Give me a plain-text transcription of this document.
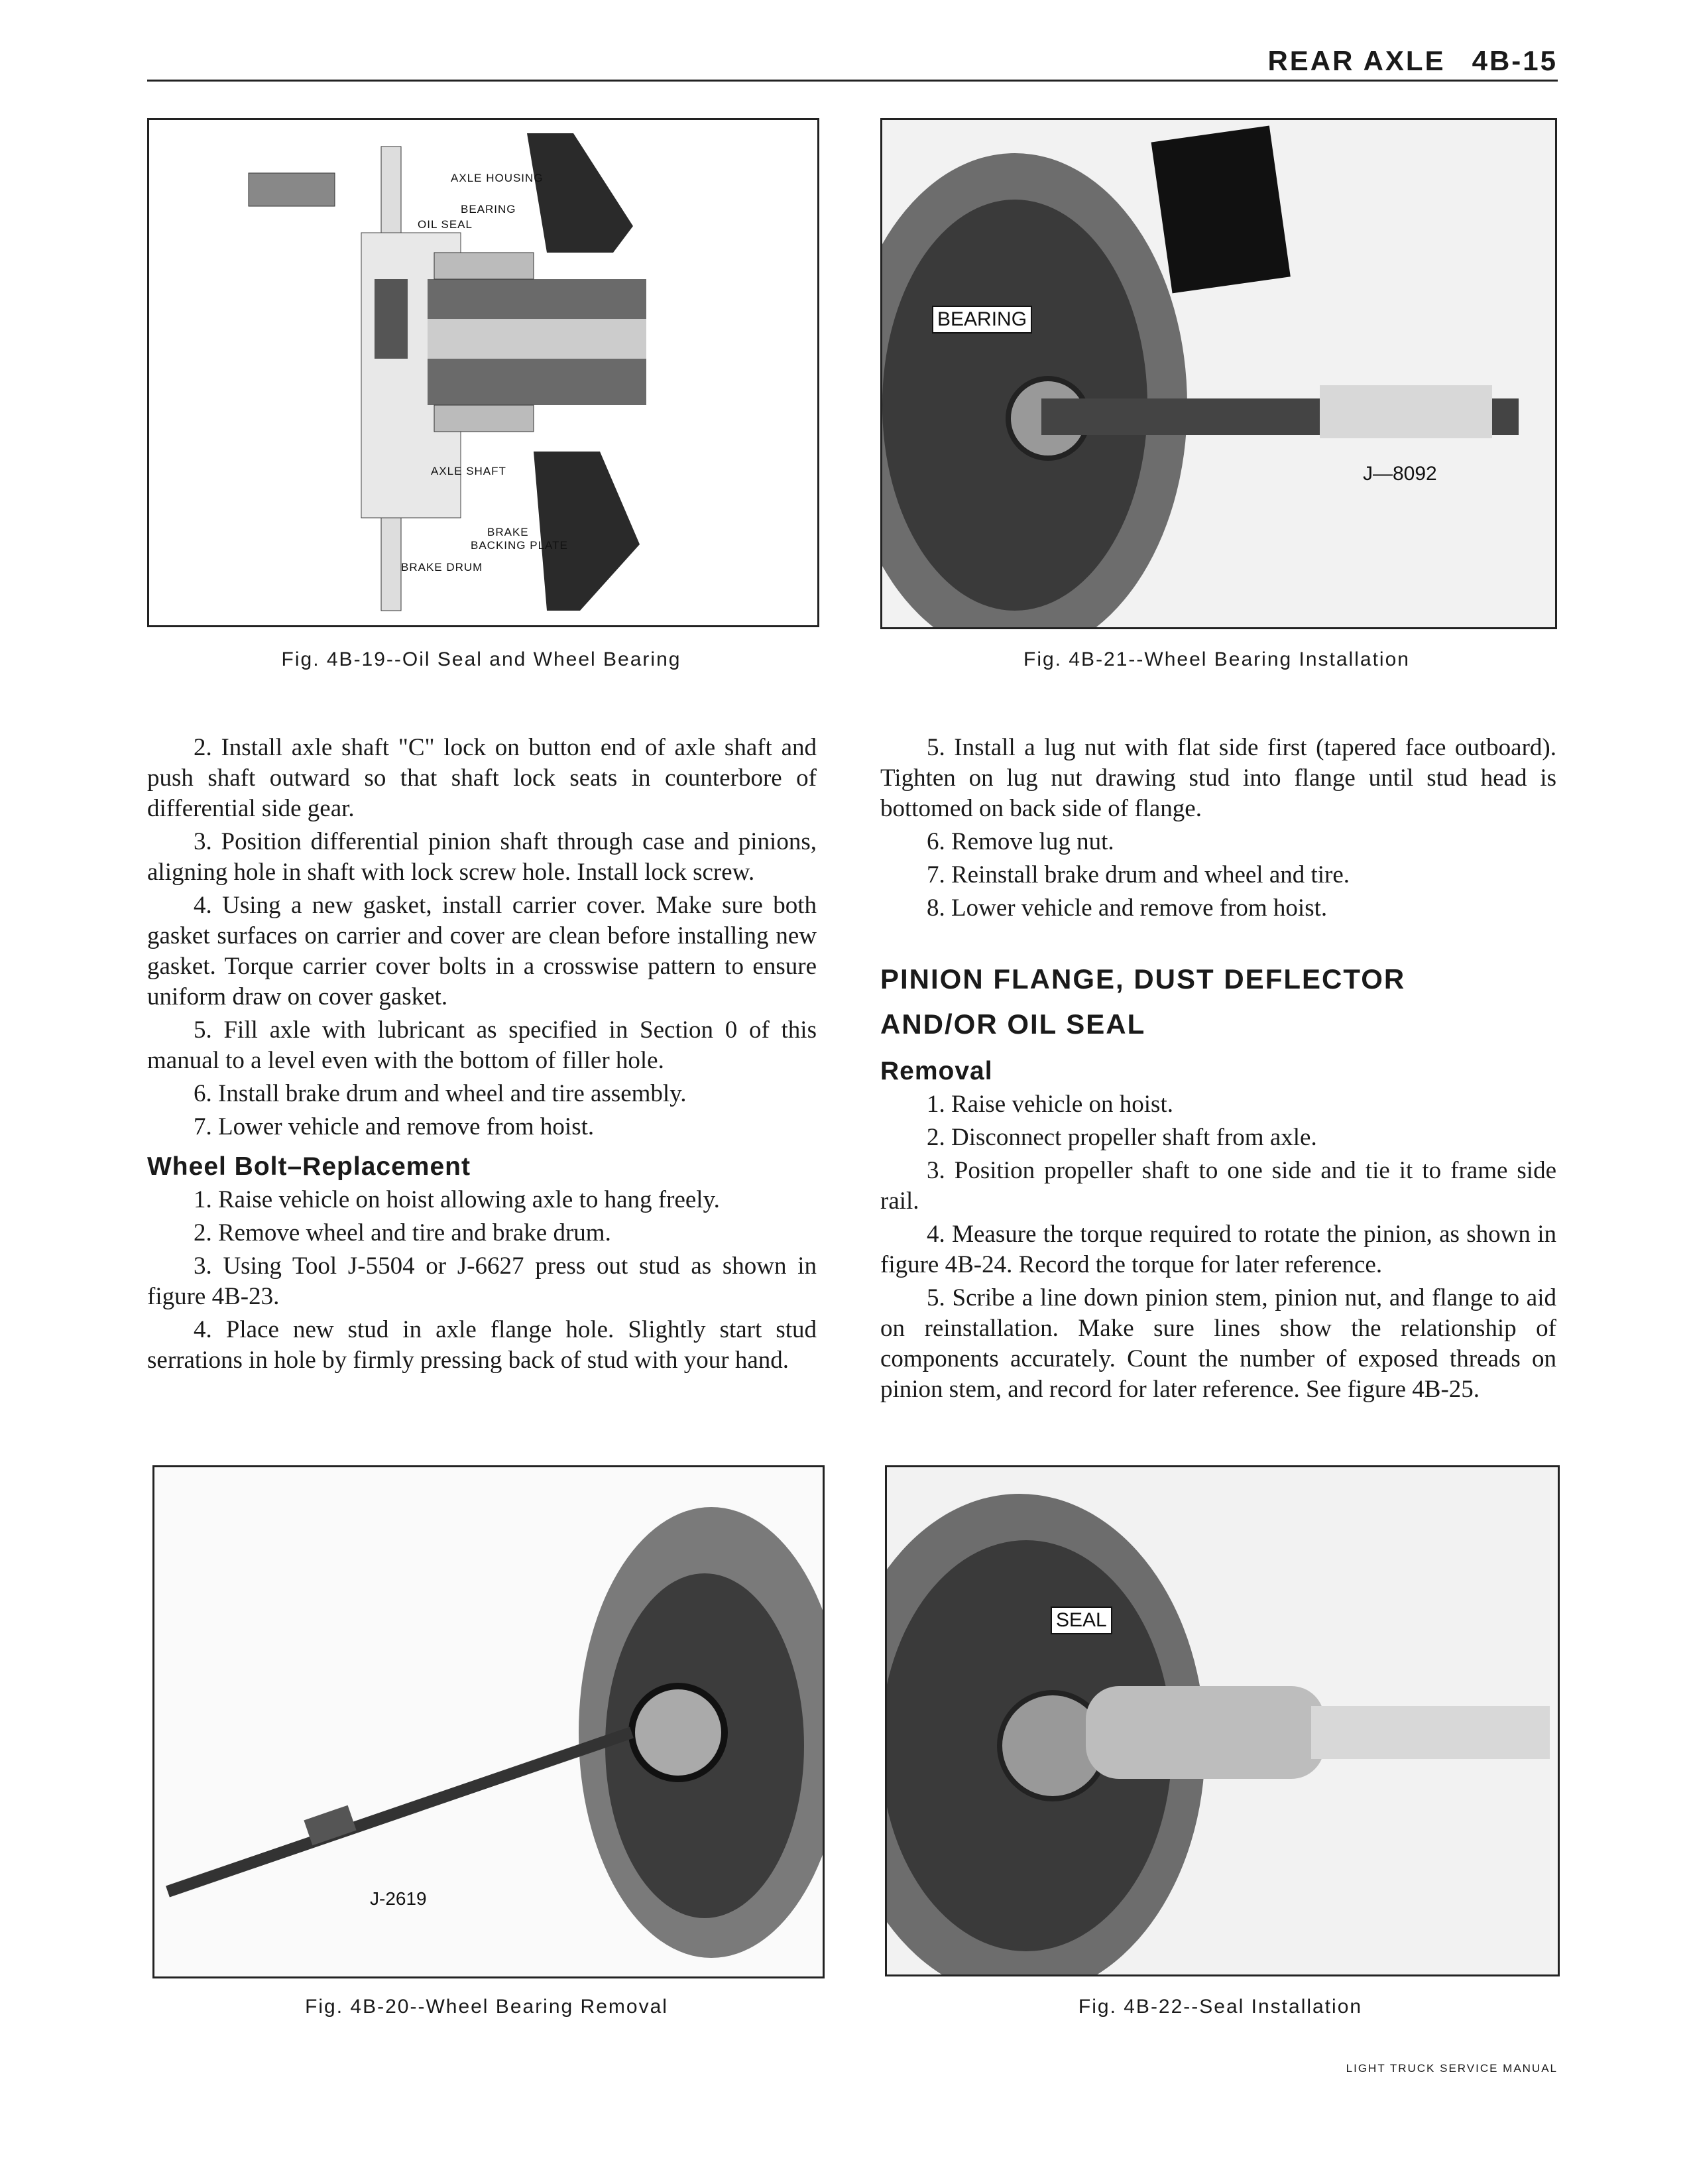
REAR AXLE 4B-15
AXLE HOUSING
BEARING
OIL SEAL
AXLE SHAFT
BRAKE
BACKING PLATE
BRAKE DRUM
Fig. 4B-19--Oil Seal and Wheel Bearing
BEARING
J—8092
Fig. 4B-21--Wheel Bearing Installation

2. Install axle shaft "C" lock on button end of axle shaft and push shaft outward so that shaft lock seats in counterbore of differential side gear.

3. Position differential pinion shaft through case and pinions, aligning hole in shaft with lock screw hole. Install lock screw.

4. Using a new gasket, install carrier cover. Make sure both gasket surfaces on carrier and cover are clean before installing new gasket. Torque carrier cover bolts in a crosswise pattern to ensure uniform draw on cover gasket.

5. Fill axle with lubricant as specified in Section 0 of this manual to a level even with the bottom of filler hole.

6. Install brake drum and wheel and tire assembly.

7. Lower vehicle and remove from hoist.

Wheel Bolt–Replacement

1. Raise vehicle on hoist allowing axle to hang freely.

2. Remove wheel and tire and brake drum.

3. Using Tool J-5504 or J-6627 press out stud as shown in figure 4B-23.

4. Place new stud in axle flange hole. Slightly start stud serrations in hole by firmly pressing back of stud with your hand.

5. Install a lug nut with flat side first (tapered face outboard). Tighten on lug nut drawing stud into flange until stud head is bottomed on back side of flange.

6. Remove lug nut.

7. Reinstall brake drum and wheel and tire.

8. Lower vehicle and remove from hoist.

PINION FLANGE, DUST DEFLECTOR AND/OR OIL SEAL
Removal

1. Raise vehicle on hoist.

2. Disconnect propeller shaft from axle.

3. Position propeller shaft to one side and tie it to frame side rail.

4. Measure the torque required to rotate the pinion, as shown in figure 4B-24. Record the torque for later reference.

5. Scribe a line down pinion stem, pinion nut, and flange to aid on reinstallation. Make sure lines show the relationship of components accurately. Count the number of exposed threads on pinion stem, and record for later reference. See figure 4B-25.

J-2619
Fig. 4B-20--Wheel Bearing Removal
SEAL
Fig. 4B-22--Seal Installation
LIGHT TRUCK SERVICE MANUAL
